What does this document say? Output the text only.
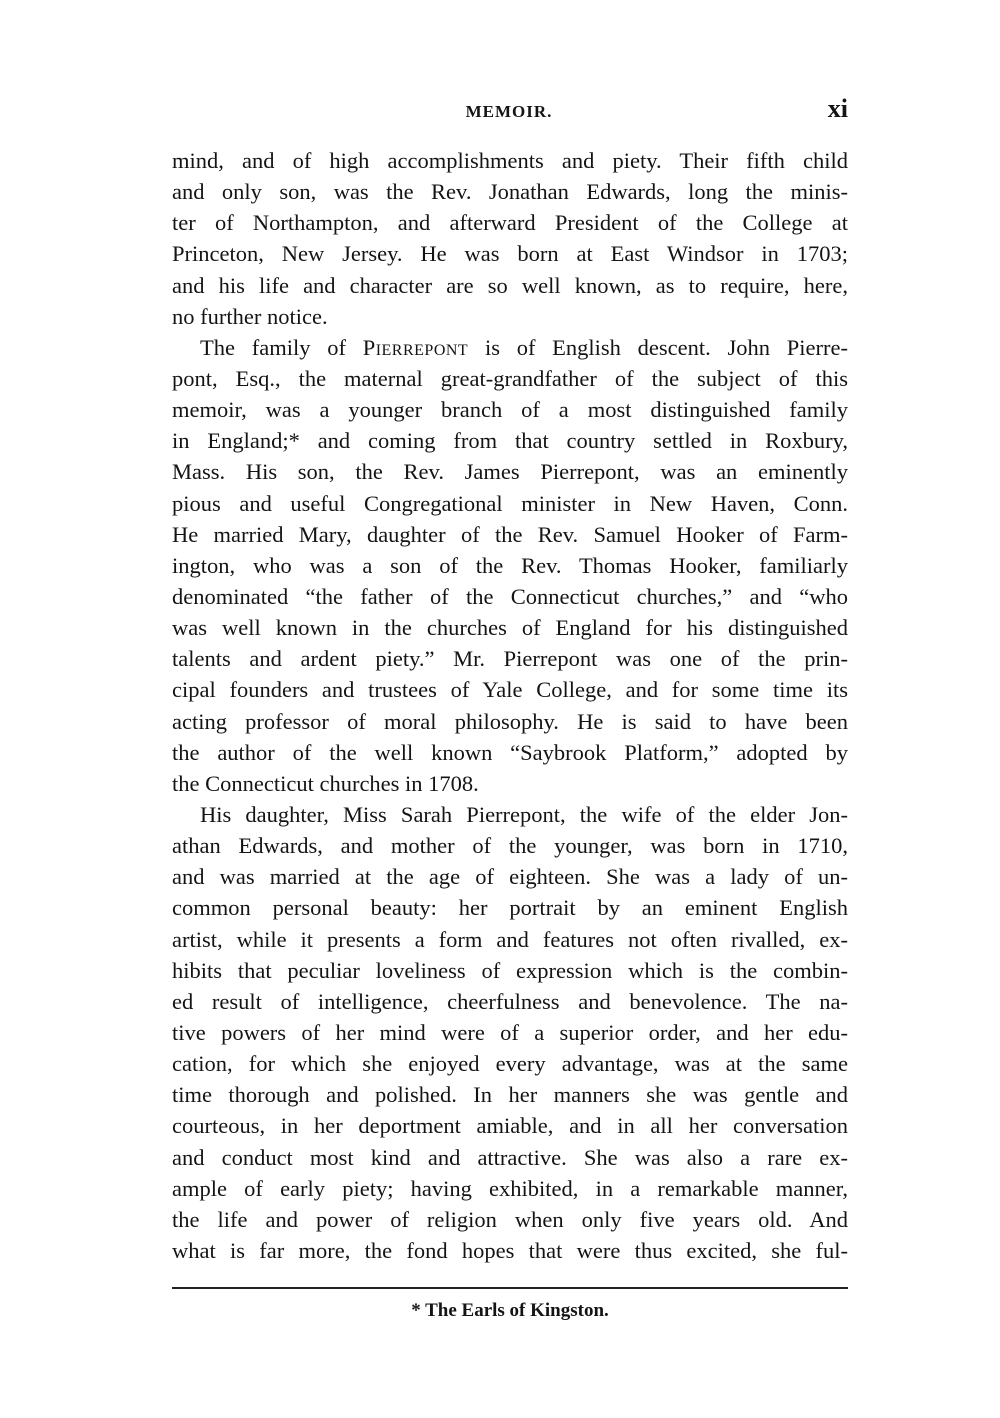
MEMOIR.	xi
mind, and of high accomplishments and piety. Their fifth child
and only son, was the Rev. Jonathan Edwards, long the minis-
ter of Northampton, and afterward President of the College at
Princeton, New Jersey. He was born at East Windsor in 1703;
and his life and character are so well known, as to require, here,
no further notice.
The family of Pierrepont is of English descent. John Pierre-
pont, Esq., the maternal great-grandfather of the subject of this
memoir, was a younger branch of a most distinguished family
in England;* and coming from that country settled in Roxbury,
Mass. His son, the Rev. James Pierrepont, was an eminently
pious and useful Congregational minister in New Haven, Conn.
He married Mary, daughter of the Rev. Samuel Hooker of Farm-
ington, who was a son of the Rev. Thomas Hooker, familiarly
denominated “the father of the Connecticut churches,” and “who
was well known in the churches of England for his distinguished
talents and ardent piety.” Mr. Pierrepont was one of the prin-
cipal founders and trustees of Yale College, and for some time its
acting professor of moral philosophy. He is said to have been
the author of the well known “Saybrook Platform,” adopted by
the Connecticut churches in 1708.
His daughter, Miss Sarah Pierrepont, the wife of the elder Jon-
athan Edwards, and mother of the younger, was born in 1710,
and was married at the age of eighteen. She was a lady of un-
common personal beauty: her portrait by an eminent English
artist, while it presents a form and features not often rivalled, ex-
hibits that peculiar loveliness of expression which is the combin-
ed result of intelligence, cheerfulness and benevolence. The na-
tive powers of her mind were of a superior order, and her edu-
cation, for which she enjoyed every advantage, was at the same
time thorough and polished. In her manners she was gentle and
courteous, in her deportment amiable, and in all her conversation
and conduct most kind and attractive. She was also a rare ex-
ample of early piety; having exhibited, in a remarkable manner,
the life and power of religion when only five years old. And
what is far more, the fond hopes that were thus excited, she ful-
* The Earls of Kingston.
